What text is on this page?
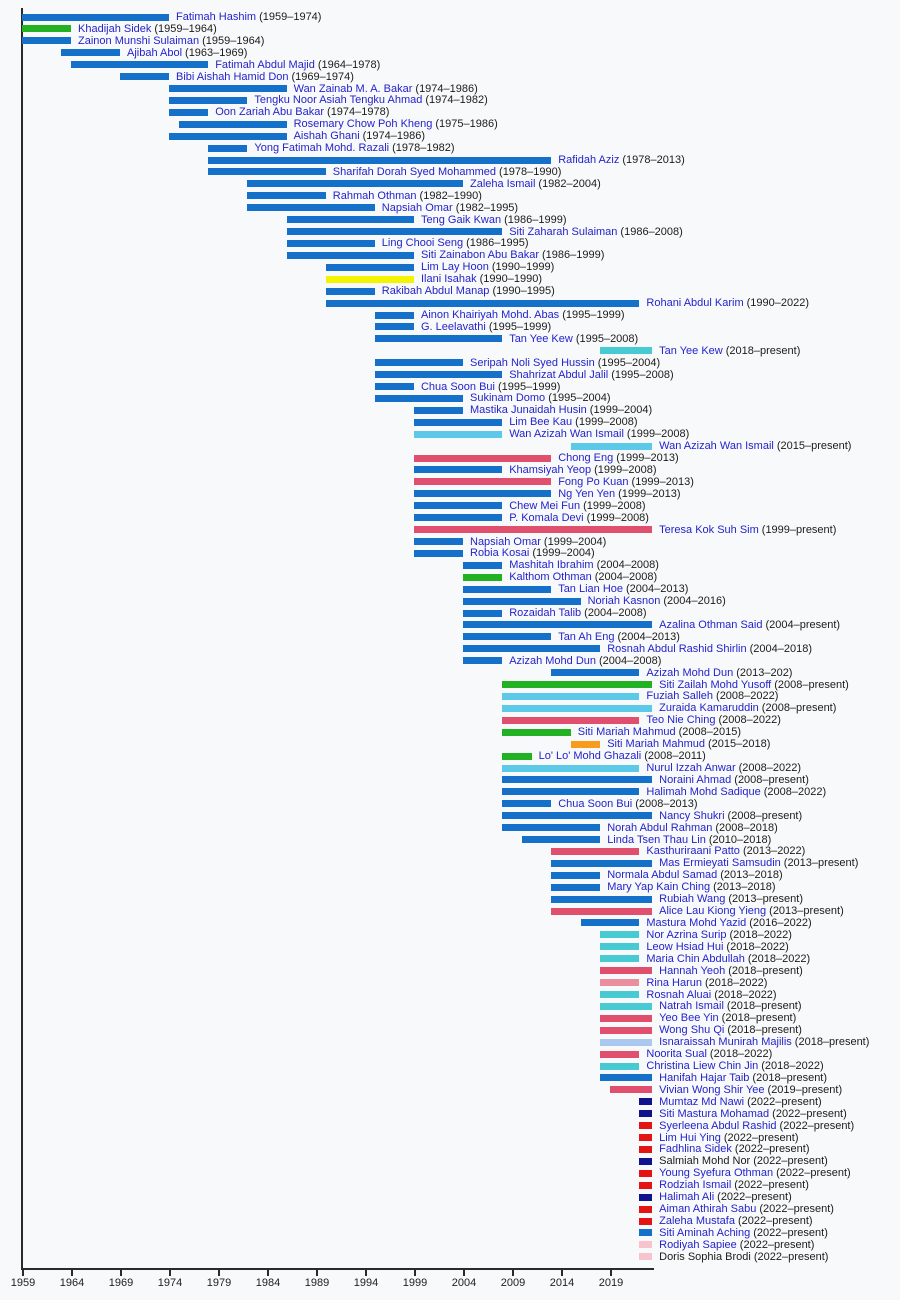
1959 1964 1969 1974 1979 1984 1989 1994 1999 2004 2009 2014 2019
Fatimah Hashim (1959–1974)
Khadijah Sidek (1959–1964)
Zainon Munshi Sulaiman (1959–1964)
Ajibah Abol (1963–1969)
Fatimah Abdul Majid (1964–1978)
Bibi Aishah Hamid Don (1969–1974)
Wan Zainab M. A. Bakar (1974–1986)
Tengku Noor Asiah Tengku Ahmad (1974–1982)
Oon Zariah Abu Bakar (1974–1978)
Rosemary Chow Poh Kheng (1975–1986)
Aishah Ghani (1974–1986)
Yong Fatimah Mohd. Razali (1978–1982)
Rafidah Aziz (1978–2013)
Sharifah Dorah Syed Mohammed (1978–1990)
Zaleha Ismail (1982–2004)
Rahmah Othman (1982–1990)
Napsiah Omar (1982–1995)
Teng Gaik Kwan (1986–1999)
Siti Zaharah Sulaiman (1986–2008)
Ling Chooi Seng (1986–1995)
Siti Zainabon Abu Bakar (1986–1999)
Lim Lay Hoon (1990–1999)
Ilani Isahak (1990–1990)
Rakibah Abdul Manap (1990–1995)
Rohani Abdul Karim (1990–2022)
Ainon Khairiyah Mohd. Abas (1995–1999)
G. Leelavathi (1995–1999)
Tan Yee Kew (1995–2008)
Tan Yee Kew (2018–present)
Seripah Noli Syed Hussin (1995–2004)
Shahrizat Abdul Jalil (1995–2008)
Chua Soon Bui (1995–1999)
Sukinam Domo (1995–2004)
Mastika Junaidah Husin (1999–2004)
Lim Bee Kau (1999–2008)
Wan Azizah Wan Ismail (1999–2008)
Wan Azizah Wan Ismail (2015–present)
Chong Eng (1999–2013)
Khamsiyah Yeop (1999–2008)
Fong Po Kuan (1999–2013)
Ng Yen Yen (1999–2013)
Chew Mei Fun (1999–2008)
P. Komala Devi (1999–2008)
Teresa Kok Suh Sim (1999–present)
Napsiah Omar (1999–2004)
Robia Kosai (1999–2004)
Mashitah Ibrahim (2004–2008)
Kalthom Othman (2004–2008)
Tan Lian Hoe (2004–2013)
Noriah Kasnon (2004–2016)
Rozaidah Talib (2004–2008)
Azalina Othman Said (2004–present)
Tan Ah Eng (2004–2013)
Rosnah Abdul Rashid Shirlin (2004–2018)
Azizah Mohd Dun (2004–2008)
Azizah Mohd Dun (2013–202)
Siti Zailah Mohd Yusoff (2008–present)
Fuziah Salleh (2008–2022)
Zuraida Kamaruddin (2008–present)
Teo Nie Ching (2008–2022)
Siti Mariah Mahmud (2008–2015)
Siti Mariah Mahmud (2015–2018)
Lo' Lo' Mohd Ghazali (2008–2011)
Nurul Izzah Anwar (2008–2022)
Noraini Ahmad (2008–present)
Halimah Mohd Sadique (2008–2022)
Chua Soon Bui (2008–2013)
Nancy Shukri (2008–present)
Norah Abdul Rahman (2008–2018)
Linda Tsen Thau Lin (2010–2018)
Kasthuriraani Patto (2013–2022)
Mas Ermieyati Samsudin (2013–present)
Normala Abdul Samad (2013–2018)
Mary Yap Kain Ching (2013–2018)
Rubiah Wang (2013–present)
Alice Lau Kiong Yieng (2013–present)
Mastura Mohd Yazid (2016–2022)
Nor Azrina Surip (2018–2022)
Leow Hsiad Hui (2018–2022)
Maria Chin Abdullah (2018–2022)
Hannah Yeoh (2018–present)
Rina Harun (2018–2022)
Rosnah Aluai (2018–2022)
Natrah Ismail (2018–present)
Yeo Bee Yin (2018–present)
Wong Shu Qi (2018–present)
Isnaraissah Munirah Majilis (2018–present)
Noorita Sual (2018–2022)
Christina Liew Chin Jin (2018–2022)
Hanifah Hajar Taib (2018–present)
Vivian Wong Shir Yee (2019–present)
Mumtaz Md Nawi (2022–present)
Siti Mastura Mohamad (2022–present)
Syerleena Abdul Rashid (2022–present)
Lim Hui Ying (2022–present)
Fadhlina Sidek (2022–present)
Salmiah Mohd Nor (2022–present)
Young Syefura Othman (2022–present)
Rodziah Ismail (2022–present)
Halimah Ali (2022–present)
Aiman Athirah Sabu (2022–present)
Zaleha Mustafa (2022–present)
Siti Aminah Aching (2022–present)
Rodiyah Sapiee (2022–present)
Doris Sophia Brodi (2022–present)
